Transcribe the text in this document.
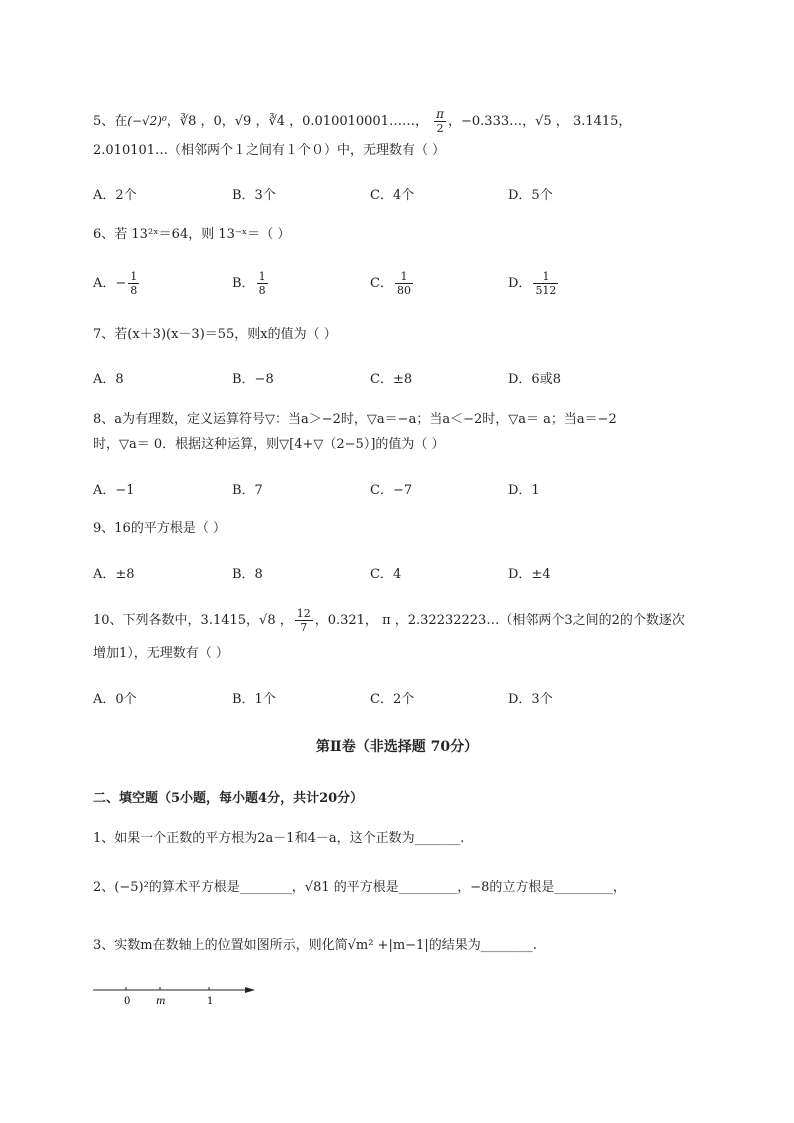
5、在(−√2)⁰，∛8 ，0，√9 ，∛4 ，0.010010001……， $\frac{\pi}{2}$ ，−0.333…，√5 ， 3.1415，
2.010101…（相邻两个１之间有１个０）中，无理数有（ ）
A．2个	B．3个	C．4个	D．5个
6、若 13²ˣ＝64，则 13⁻ˣ＝（ ）
A．− $\frac{1}{8}$	B． $\frac{1}{8}$	C． $\frac{1}{80}$	D． $\frac{1}{512}$
7、若(x＋3)(x－3)＝55，则x的值为（ ）
A．8	B．−8	C．±8	D．6或8
8、a为有理数，定义运算符号▽：当a＞−2时，▽a＝−a；当a＜−2时，▽a＝ a；当a＝−2
时，▽a＝ 0．根据这种运算，则▽[4+▽（2−5）]的值为（ ）
A．−1	B．7	C．−7	D．1
9、16的平方根是（ ）
A．±8	B．8	C．4	D．±4
10、下列各数中，3.1415，√8 ， $\frac{12}{7}$ ，0.321， π ，2.32232223…（相邻两个3之间的2的个数逐次
增加1），无理数有（ ）
A．0个	B．1个	C．2个	D．3个
第Ⅱ卷（非选择题 70分）
二、填空题（5小题，每小题4分，共计20分）
1、如果一个正数的平方根为2a－1和4－a，这个正数为_______.
2、(−5)²的算术平方根是________，√81 的平方根是_________，−8的立方根是_________，
3、实数m在数轴上的位置如图所示，则化简√m² +|m−1|的结果为________.
0	m	1
